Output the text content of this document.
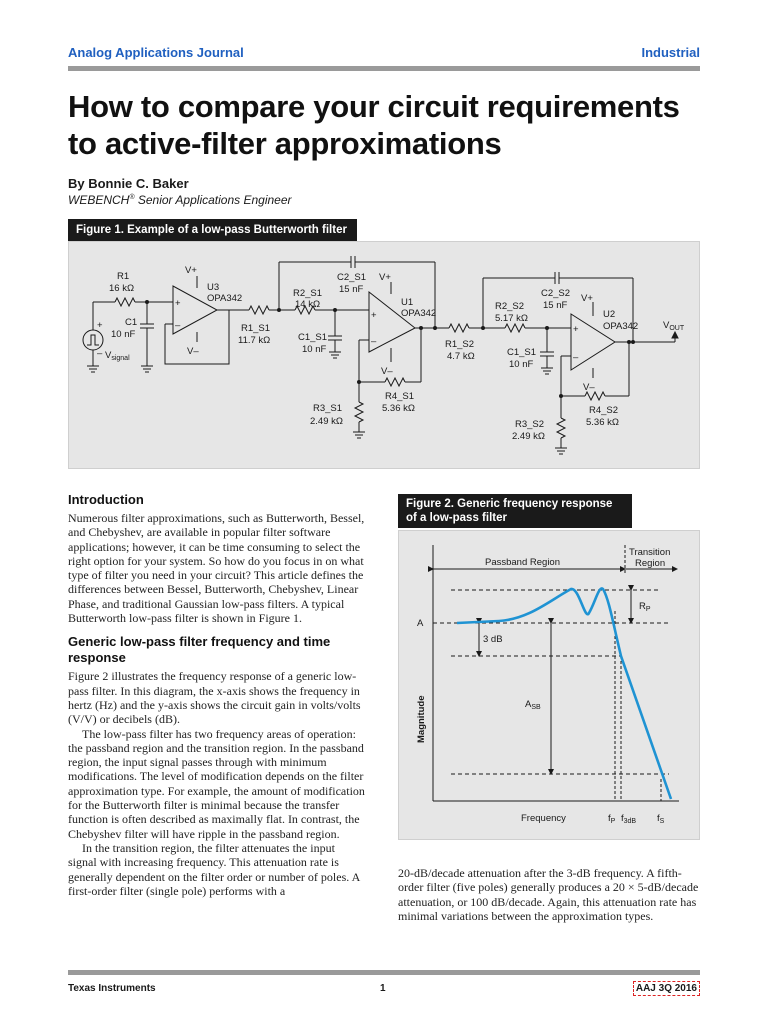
Analog Applications Journal	Industrial
How to compare your circuit requirements to active-filter approximations
By Bonnie C. Baker
WEBENCH® Senior Applications Engineer
Figure 1. Example of a low-pass Butterworth filter
R1
16 kΩ
C1
10 nF
+
– $V_{signal}$
V+
V–
U3
OPA342
+
–	R1_S1
11.7 kΩ
C2_S1
15 nF
R2_S1
14 kΩ
V+
V–
U1
OPA342
+
–
C1_S1
10 nF
R4_S1
5.36 kΩ
R3_S1
2.49 kΩ
R1_S2
4.7 kΩ
C2_S2
15 nF
R2_S2
5.17 kΩ
V+
V–
U2
OPA342
+
–
C1_S1
10 nF
R4_S2
5.36 kΩ
R3_S2
2.49 kΩ
$V_{OUT}$
Introduction

Numerous filter approximations, such as Butterworth, Bessel, and Chebyshev, are available in popular filter software applications; however, it can be time consuming to select the right option for your system. So how do you focus in on what type of filter you need in your circuit? This article defines the differences between Bessel, Butterworth, Chebyshev, Linear Phase, and traditional Gaussian low-pass filters. A typical Butterworth low-pass filter is shown in Figure 1.

Generic low-pass filter frequency and time response

Figure 2 illustrates the frequency response of a generic low-pass filter. In this diagram, the x-axis shows the frequency in hertz (Hz) and the y-axis shows the circuit gain in volts/volts (V/V) or decibels (dB).

The low-pass filter has two frequency areas of operation: the passband region and the transition region. In the passband region, the input signal passes through with minimum modifications. The level of modification depends on the filter approximation type. For example, the amount of modification for the Butterworth filter is minimal because the transfer function is often described as maximally flat. In contrast, the Chebyshev filter will have ripple in the passband region.

In the transition region, the filter attenuates the input signal with increasing frequency. This attenuation rate is generally dependent on the filter order or number of poles. A first-order filter (single pole) performs with a

Figure 2. Generic frequency response of a low-pass filter
Passband Region
Transition
Region
A
3 dB
$R_P$
$A_{SB}$
Magnitude
Frequency	$f_P$ $f_{3dB}$ $f_S$

20-dB/decade attenuation after the 3-dB frequency. A fifth-order filter (five poles) generally produces a 20 × 5-dB/decade attenuation, or 100 dB/decade. Again, this attenuation rate has minimal variations between the approximation types.

Texas Instruments	1	AAJ 3Q 2016
